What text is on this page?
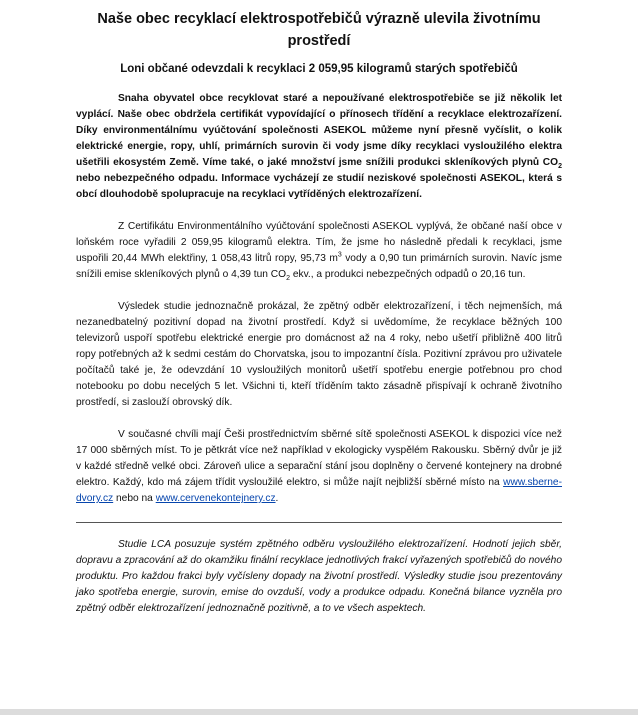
Naše obec recyklací elektrospotřebičů výrazně ulevila životnímu prostředí
Loni občané odevzdali k recyklaci 2 059,95 kilogramů starých spotřebičů

Snaha obyvatel obce recyklovat staré a nepoužívané elektrospotřebiče se již několik let vyplácí. Naše obec obdržela certifikát vypovídající o přínosech třídění a recyklace elektrozařízení. Díky environmentálnímu vyúčtování společnosti ASEKOL můžeme nyní přesně vyčíslit, o kolik elektrické energie, ropy, uhlí, primárních surovin či vody jsme díky recyklaci vysloužilého elektra ušetřili ekosystém Země. Víme také, o jaké množství jsme snížili produkci skleníkových plynů $CO_2$ nebo nebezpečného odpadu. Informace vycházejí ze studií neziskové společnosti ASEKOL, která s obcí dlouhodobě spolupracuje na recyklaci vytříděných elektrozařízení.

Z Certifikátu Environmentálního vyúčtování společnosti ASEKOL vyplývá, že občané naší obce v loňském roce vyřadili 2 059,95 kilogramů elektra. Tím, že jsme ho následně předali k recyklaci, jsme uspořili 20,44 MWh elektřiny, 1 058,43 litrů ropy, 95,73 $m^3$ vody a 0,90 tun primárních surovin. Navíc jsme snížili emise skleníkových plynů o 4,39 tun $CO_2$ ekv., a produkci nebezpečných odpadů o 20,16 tun.

Výsledek studie jednoznačně prokázal, že zpětný odběr elektrozařízení, i těch nejmenších, má nezanedbatelný pozitivní dopad na životní prostředí. Když si uvědomíme, že recyklace běžných 100 televizorů uspoří spotřebu elektrické energie pro domácnost až na 4 roky, nebo ušetří přibližně 400 litrů ropy potřebných až k sedmi cestám do Chorvatska, jsou to impozantní čísla. Pozitivní zprávou pro uživatele počítačů také je, že odevzdání 10 vysloužilých monitorů ušetří spotřebu energie potřebnou pro chod notebooku po dobu necelých 5 let. Všichni ti, kteří tříděním takto zásadně přispívají k ochraně životního prostředí, si zaslouží obrovský dík.

V současné chvíli mají Češi prostřednictvím sběrné sítě společnosti ASEKOL k dispozici více než 17 000 sběrných míst. To je pětkrát více než například v ekologicky vyspělém Rakousku. Sběrný dvůr je již v každé středně velké obci. Zároveň ulice a separační stání jsou doplněny o červené kontejnery na drobné elektro. Každý, kdo má zájem třídit vysloužilé elektro, si může najít nejbližší sběrné místo na www.sberne-dvory.cz nebo na www.cervenekontejnery.cz.

Studie LCA posuzuje systém zpětného odběru vysloužilého elektrozařízení. Hodnotí jejich sběr, dopravu a zpracování až do okamžiku finální recyklace jednotlivých frakcí vyřazených spotřebičů do nového produktu. Pro každou frakci byly vyčísleny dopady na životní prostředí. Výsledky studie jsou prezentovány jako spotřeba energie, surovin, emise do ovzduší, vody a produkce odpadu. Konečná bilance vyzněla pro zpětný odběr elektrozařízení jednoznačně pozitivně, a to ve všech aspektech.
